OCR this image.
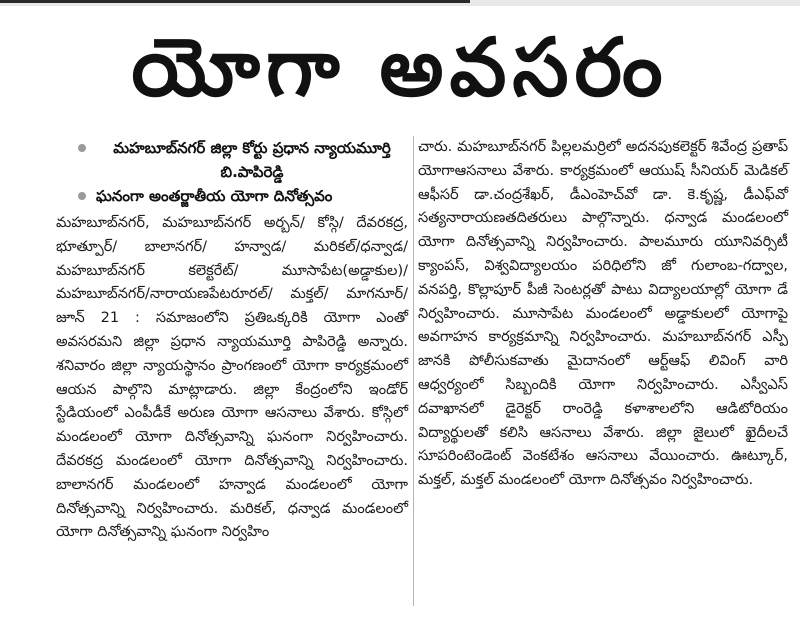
యోగా అవసరం
మహబూబ్‌నగర్ జిల్లా కోర్టు ప్రధాన న్యాయమూర్తి బి.పాపిరెడ్డి
ఘనంగా అంతర్జాతీయ యోగా దినోత్సవం
మహబూబ్‌నగర్, మహబూబ్‌నగర్ అర్బన్/ కోస్గి/ దేవరకద్ర, భూత్పూర్/ బాలానగర్/ హన్వాడ/ మరికల్/ధన్వాడ/ మహబూబ్‌నగర్ కలెక్టరేట్/ మూసాపేట(అడ్డాకుల)/మహబూబ్‌నగర్/నారాయణపేటరూరల్/ మక్తల్/ మాగనూర్/ జూన్ 21 : సమాజంలోని ప్రతిఒక్కరికి యోగా ఎంతో అవసరమని జిల్లా ప్రధాన న్యాయమూర్తి పాపిరెడ్డి అన్నారు. శనివారం జిల్లా న్యాయస్థానం ప్రాంగణంలో యోగా కార్యక్రమంలో ఆయన పాల్గొని మాట్లాడారు. జిల్లా కేంద్రంలోని ఇండోర్ స్టేడియంలో ఎంపీడీకే అరుణ యోగా ఆసనాలు వేశారు. కోస్గిలో మండలంలో యోగా దినోత్సవాన్ని ఘనంగా నిర్వహించారు. దేవరకద్ర మండలంలో యోగా దినోత్సవాన్ని నిర్వహించారు. బాలానగర్ మండలంలో హన్వాడ మండలంలో యోగా దినోత్సవాన్ని నిర్వహించారు. మరికల్, ధన్వాడ మండలంలో యోగా దినోత్సవాన్ని ఘనంగా నిర్వహిం
చారు. మహబూబ్‌నగర్ పిల్లలమర్రిలో అదనపుకలెక్టర్ శివేంద్ర ప్రతాప్ యోగాఆసనాలు వేశారు. కార్యక్రమంలో ఆయుష్ సీనియర్ మెడికల్ ఆఫీసర్ డా.చంద్రశేఖర్, డీఎంహెచ్‌వో డా. కె.కృష్ణ, డీఎఫ్‌వో సత్యనారాయణతదితరులు పాల్గొన్నారు. ధన్వాడ మండలంలో యోగా దినోత్సవాన్ని నిర్వహించారు. పాలమూరు యూనివర్సిటీ క్యాంపస్, విశ్వవిద్యాలయం పరిధిలోని జో గులాంబ-గద్వాల, వనపర్తి, కొల్లాపూర్ పీజీ సెంటర్లతో పాటు విద్యాలయాల్లో యోగా డే నిర్వహించారు. మూసాపేట మండలంలో అడ్డాకులలో యోగాపై అవగాహన కార్యక్రమాన్ని నిర్వహించారు. మహబూబ్‌నగర్ ఎస్పీ జానకి పోలీసుకవాతు మైదానంలో ఆర్ట్ఆఫ్ లివింగ్ వారి ఆధ్వర్యంలో సిబ్బందికి యోగా నిర్వహించారు. ఎస్వీఎస్ దవాఖానలో డైరెక్టర్ రాంరెడ్డి కళాశాలలోని ఆడిటోరియం విద్యార్థులతో కలిసి ఆసనాలు వేశారు. జిల్లా జైలులో ఖైదీలచే సూపరింటెండెంట్ వెంకటేశం ఆసనాలు వేయించారు. ఊట్కూర్, మక్తల్, మక్తల్ మండలంలో యోగా దినోత్సవం నిర్వహించారు.
